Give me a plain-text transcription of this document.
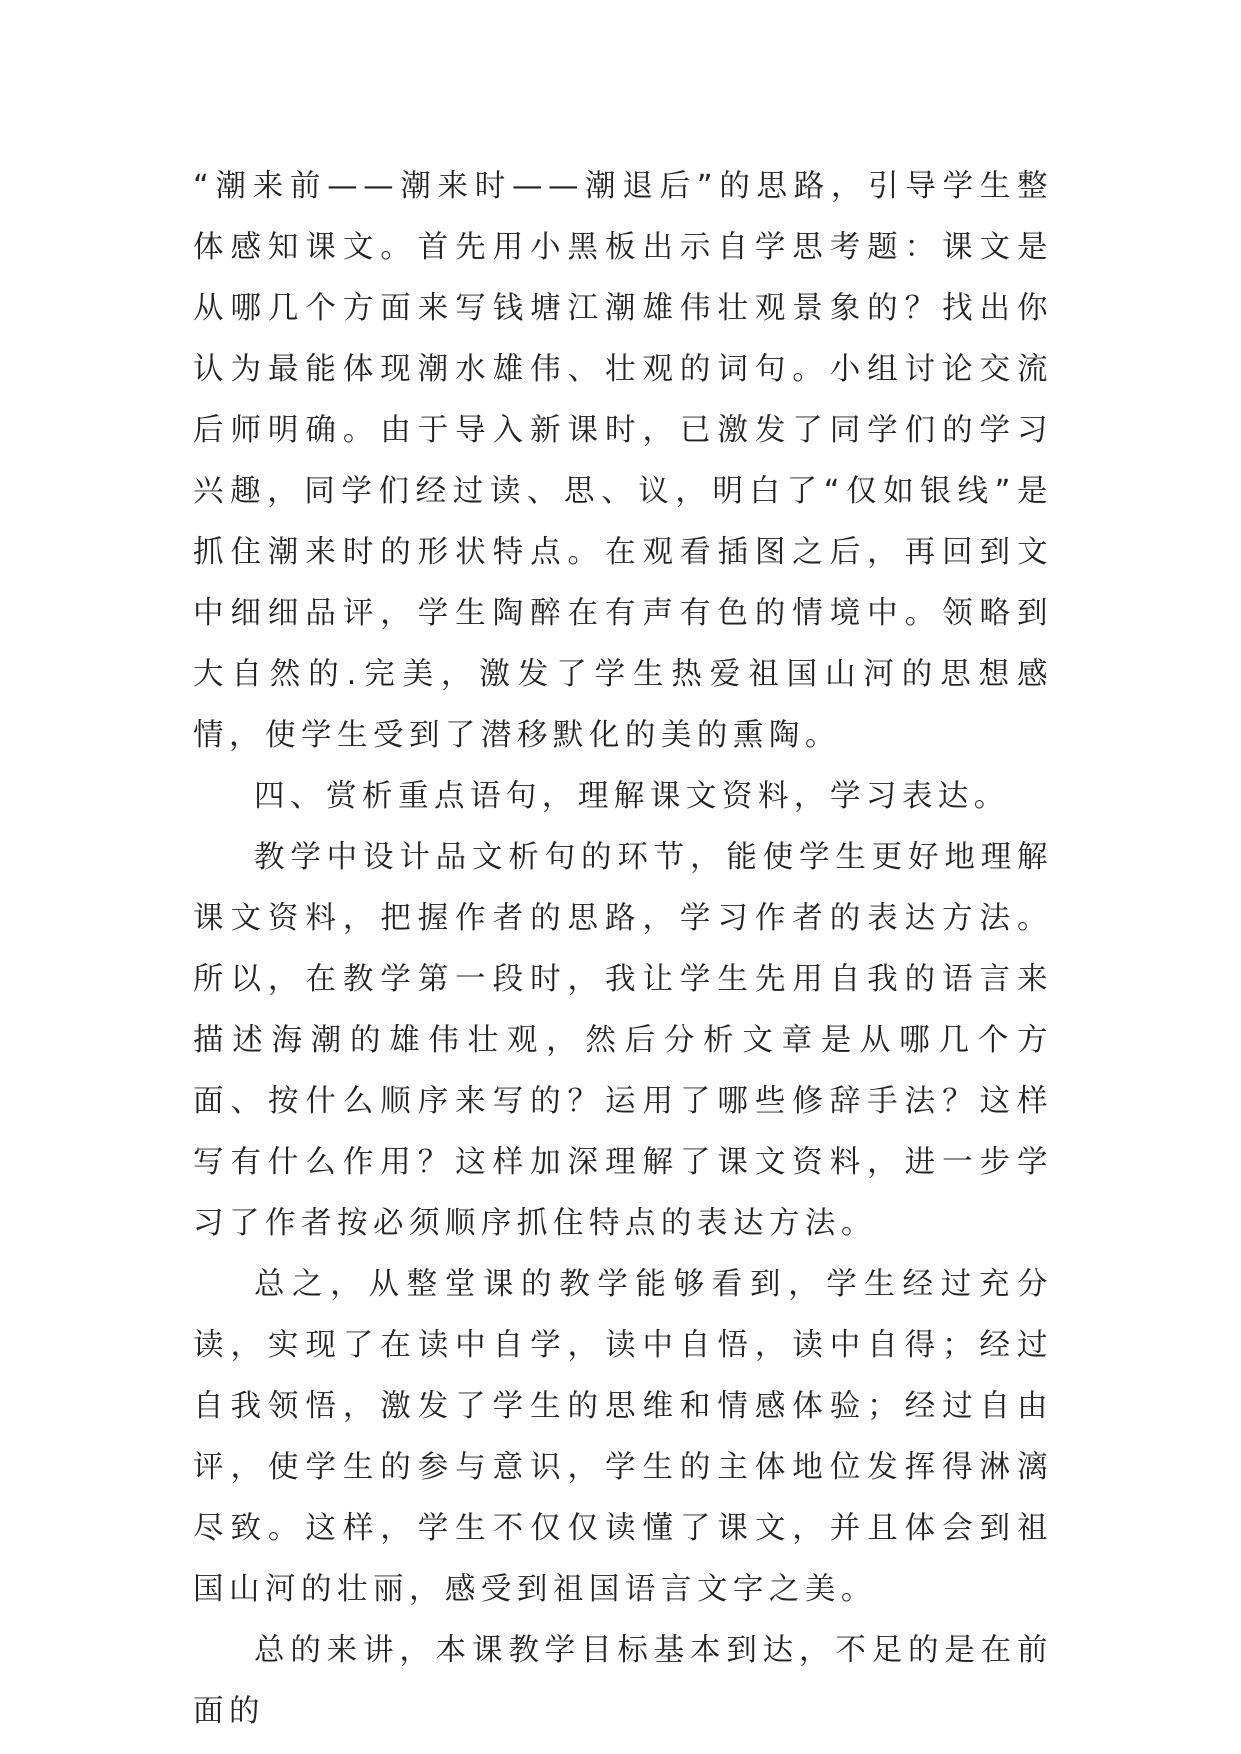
“潮来前——潮来时——潮退后”的思路，引导学生整体感知课文。首先用小黑板出示自学思考题：课文是从哪几个方面来写钱塘江潮雄伟壮观景象的？找出你认为最能体现潮水雄伟、壮观的词句。小组讨论交流后师明确。由于导入新课时，已激发了同学们的学习兴趣，同学们经过读、思、议，明白了“仅如银线”是抓住潮来时的形状特点。在观看插图之后，再回到文中细细品评，学生陶醉在有声有色的情境中。领略到大自然的.完美，激发了学生热爱祖国山河的思想感情，使学生受到了潜移默化的美的熏陶。

四、赏析重点语句，理解课文资料，学习表达。

教学中设计品文析句的环节，能使学生更好地理解课文资料，把握作者的思路，学习作者的表达方法。所以，在教学第一段时，我让学生先用自我的语言来描述海潮的雄伟壮观，然后分析文章是从哪几个方面、按什么顺序来写的？运用了哪些修辞手法？这样写有什么作用？这样加深理解了课文资料，进一步学习了作者按必须顺序抓住特点的表达方法。

总之，从整堂课的教学能够看到，学生经过充分读，实现了在读中自学，读中自悟，读中自得；经过自我领悟，激发了学生的思维和情感体验；经过自由评，使学生的参与意识，学生的主体地位发挥得淋漓尽致。这样，学生不仅仅读懂了课文，并且体会到祖国山河的壮丽，感受到祖国语言文字之美。

总的来讲，本课教学目标基本到达，不足的是在前面的
